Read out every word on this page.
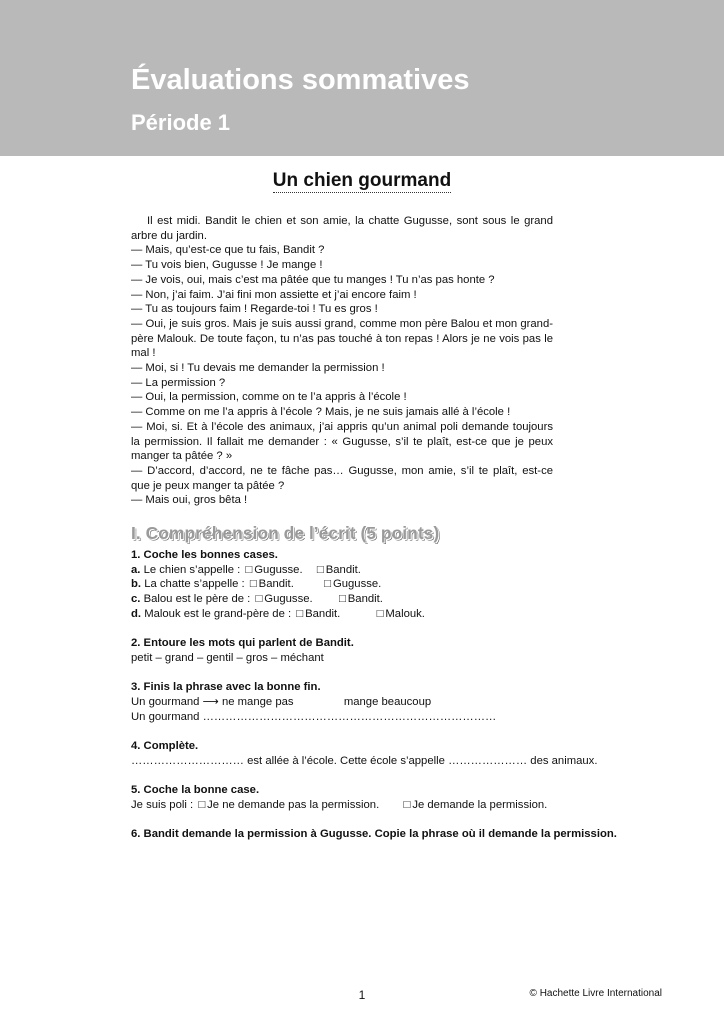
Évaluations sommatives
Période 1
Un chien gourmand

Il est midi. Bandit le chien et son amie, la chatte Gugusse, sont sous le grand arbre du jardin.

— Mais, qu’est-ce que tu fais, Bandit ?

— Tu vois bien, Gugusse ! Je mange !

— Je vois, oui, mais c’est ma pâtée que tu manges ! Tu n’as pas honte ?

— Non, j’ai faim. J’ai fini mon assiette et j’ai encore faim !

— Tu as toujours faim ! Regarde-toi ! Tu es gros !

— Oui, je suis gros. Mais je suis aussi grand, comme mon père Balou et mon grand-père Malouk. De toute façon, tu n’as pas touché à ton repas ! Alors je ne vois pas le mal !

— Moi, si ! Tu devais me demander la permission !

— La permission ?

— Oui, la permission, comme on te l’a appris à l’école !

— Comme on me l’a appris à l’école ? Mais, je ne suis jamais allé à l’école !

— Moi, si. Et à l’école des animaux, j’ai appris qu’un animal poli demande toujours la permission. Il fallait me demander : « Gugusse, s’il te plaît, est-ce que je peux manger ta pâtée ? »

— D’accord, d’accord, ne te fâche pas… Gugusse, mon amie, s’il te plaît, est-ce que je peux manger ta pâtée ?

— Mais oui, gros bêta !

I. Compréhension de l’écrit (5 points)

1. Coche les bonnes cases.

a. Le chien s’appelle : □ Gugusse. □ Bandit.

b. La chatte s’appelle : □ Bandit.	□ Gugusse.

c. Balou est le père de : □ Gugusse. □ Bandit.

d. Malouk est le grand-père de : □ Bandit.	□ Malouk.

2. Entoure les mots qui parlent de Bandit.

petit – grand – gentil – gros – méchant

3. Finis la phrase avec la bonne fin.

Un gourmand ⟶ ne mange pas	mange beaucoup

Un gourmand ……………………………………………………………………

4. Complète.

………………………… est allée à l’école. Cette école s’appelle ………………… des animaux.

5. Coche la bonne case.

Je suis poli : □ Je ne demande pas la permission. □ Je demande la permission.

6. Bandit demande la permission à Gugusse. Copie la phrase où il demande la permission.

1	© Hachette Livre International
